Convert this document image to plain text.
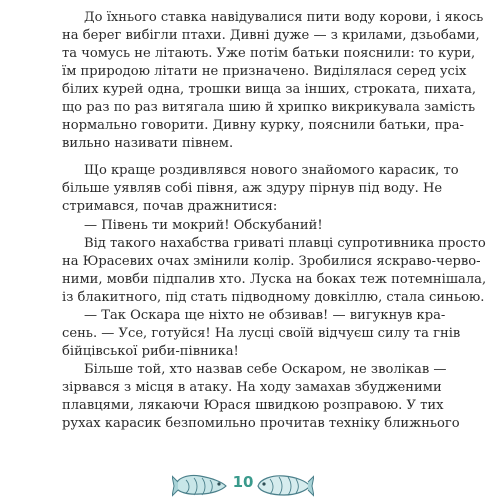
До їхнього ставка навідувалися пити воду корови, і якось
на берег вибігли птахи. Дивні дуже — з крилами, дзьобами,
та чомусь не літають. Уже потім батьки пояснили: то кури,
їм природою літати не призначено. Виділялася серед усіх
білих курей одна, трошки вища за інших, строката, пихата,
що раз по раз витягала шию й хрипко викрикувала замість
нормально говорити. Дивну курку, пояснили батьки, пра-
вильно називати півнем.
Що краще роздивлявся нового знайомого карасик, то
більше уявляв собі півня, аж здуру пірнув під воду. Не
стримався, почав дражнитися:
— Півень ти мокрий! Обскубаний!
Від такого нахабства гриваті плавці супротивника просто
на Юрасевих очах змінили колір. Зробилися яскраво-черво-
ними, мовби підпалив хто. Луска на боках теж потемнішала,
із блакитного, під стать підводному довкіллю, стала синьою.
— Так Оскара ще ніхто не обзивав! — вигукнув кра-
сень. — Усе, готуйся! На лусці своїй відчуєш силу та гнів
бійцівської риби-півника!
Більше той, хто назвав себе Оскаром, не зволікав —
зірвався з місця в атаку. На ходу замахав збудженими
плавцями, лякаючи Юрася швидкою розправою. У тих
рухах карасик безпомильно прочитав техніку ближнього
10
